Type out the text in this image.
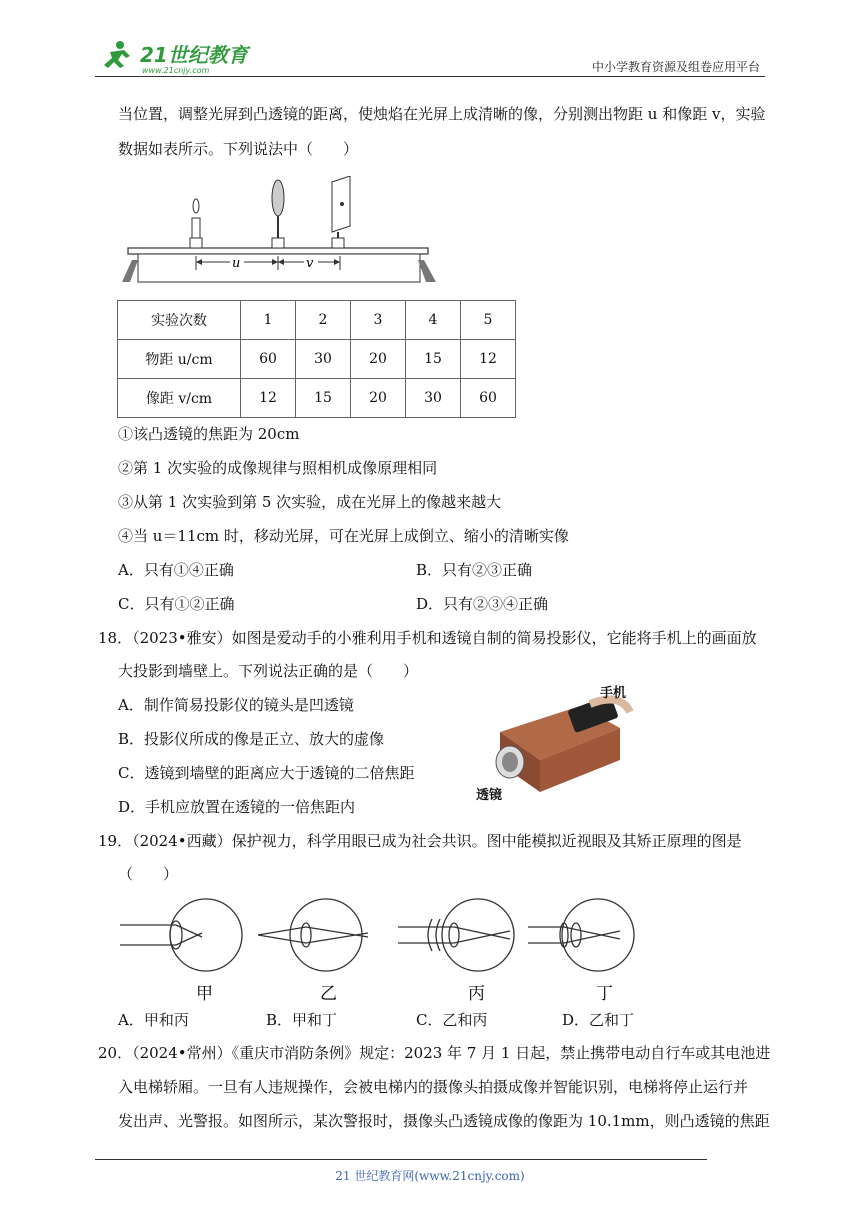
21世纪教育
www.21cnjy.com	中小学教育资源及组卷应用平台
当位置，调整光屏到凸透镜的距离，使烛焰在光屏上成清晰的像，分别测出物距 u 和像距 v，实验
数据如表所示。下列说法中（　　）
u	v
实验次数	1	2	3	4	5
物距 u/cm	60	30	20	15	12
像距 v/cm	12	15	20	30	60
①该凸透镜的焦距为 20cm
②第 1 次实验的成像规律与照相机成像原理相同
③从第 1 次实验到第 5 次实验，成在光屏上的像越来越大
④当 u＝11cm 时，移动光屏，可在光屏上成倒立、缩小的清晰实像
A．只有①④正确	B．只有②③正确
C．只有①②正确	D．只有②③④正确
18．（2023•雅安）如图是爱动手的小雅利用手机和透镜自制的简易投影仪，它能将手机上的画面放
大投影到墙壁上。下列说法正确的是（　　）
A．制作简易投影仪的镜头是凹透镜
B．投影仪所成的像是正立、放大的虚像
C．透镜到墙壁的距离应大于透镜的二倍焦距
D．手机应放置在透镜的一倍焦距内
手机
透镜
19．（2024•西藏）保护视力，科学用眼已成为社会共识。图中能模拟近视眼及其矫正原理的图是
（　　）
甲	乙	丙	丁
A．甲和丙	B．甲和丁	C．乙和丙	D．乙和丁
20．（2024•常州）《重庆市消防条例》规定：2023 年 7 月 1 日起，禁止携带电动自行车或其电池进
入电梯轿厢。一旦有人违规操作，会被电梯内的摄像头拍摄成像并智能识别，电梯将停止运行并
发出声、光警报。如图所示，某次警报时，摄像头凸透镜成像的像距为 10.1mm，则凸透镜的焦距
21 世纪教育网(www.21cnjy.com)
